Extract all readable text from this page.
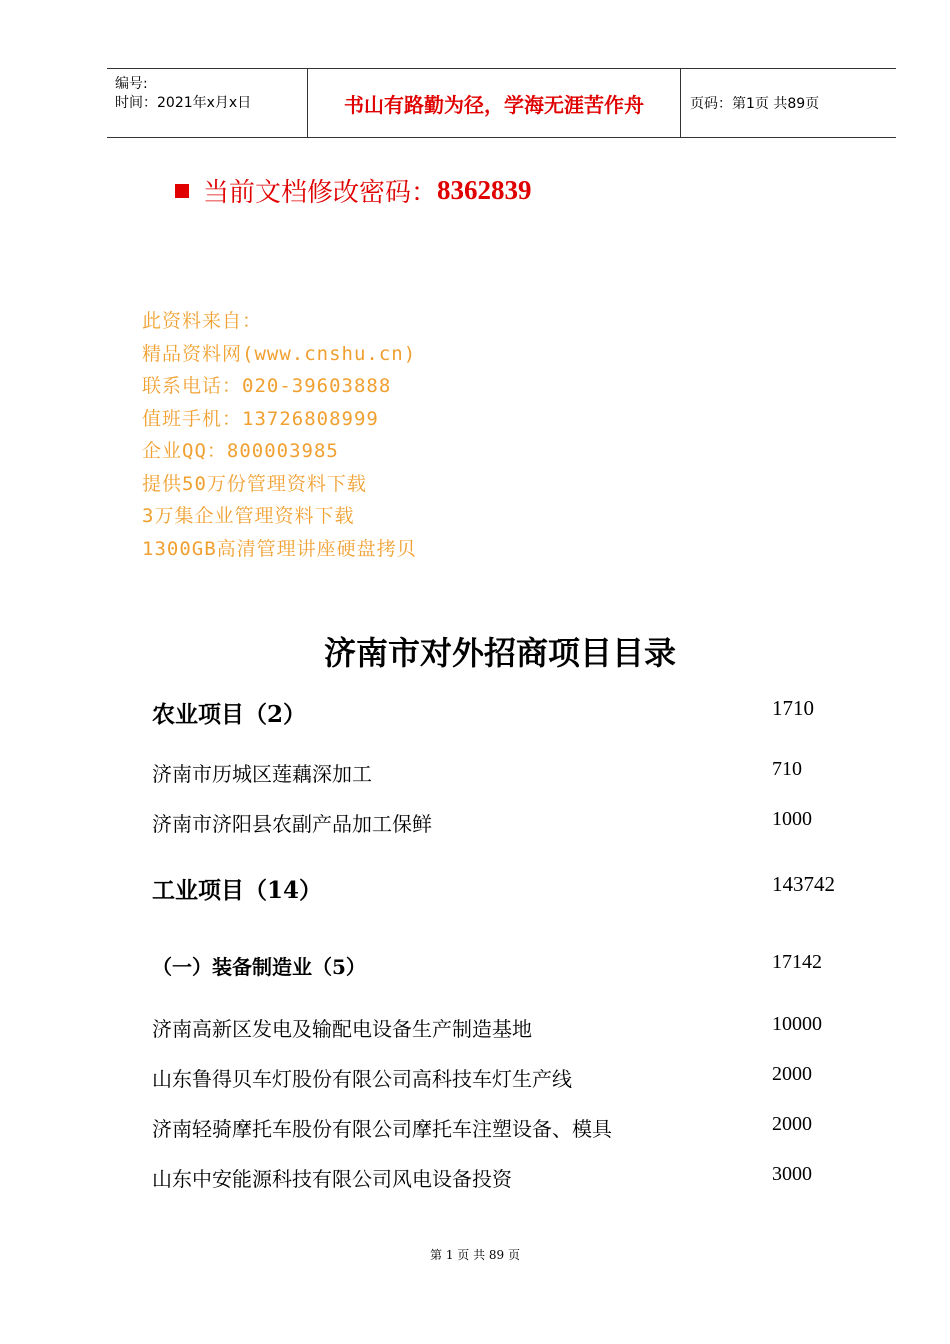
编号:
时间：2021年x月x日	书山有路勤为径，学海无涯苦作舟	页码：第1页 共89页
当前文档修改密码： 8362839
此资料来自：
精品资料网(www.cnshu.cn)
联系电话：020-39603888
值班手机：13726808999
企业QQ：800003985
提供50万份管理资料下载
3万集企业管理资料下载
1300GB高清管理讲座硬盘拷贝
济南市对外招商项目目录
农业项目（2）	1710
济南市历城区莲藕深加工	710
济南市济阳县农副产品加工保鲜	1000
工业项目（14）	143742
（一）装备制造业（5）	17142
济南高新区发电及输配电设备生产制造基地	10000
山东鲁得贝车灯股份有限公司高科技车灯生产线	2000
济南轻骑摩托车股份有限公司摩托车注塑设备、模具	2000
山东中安能源科技有限公司风电设备投资	3000
第 1 页 共 89 页
